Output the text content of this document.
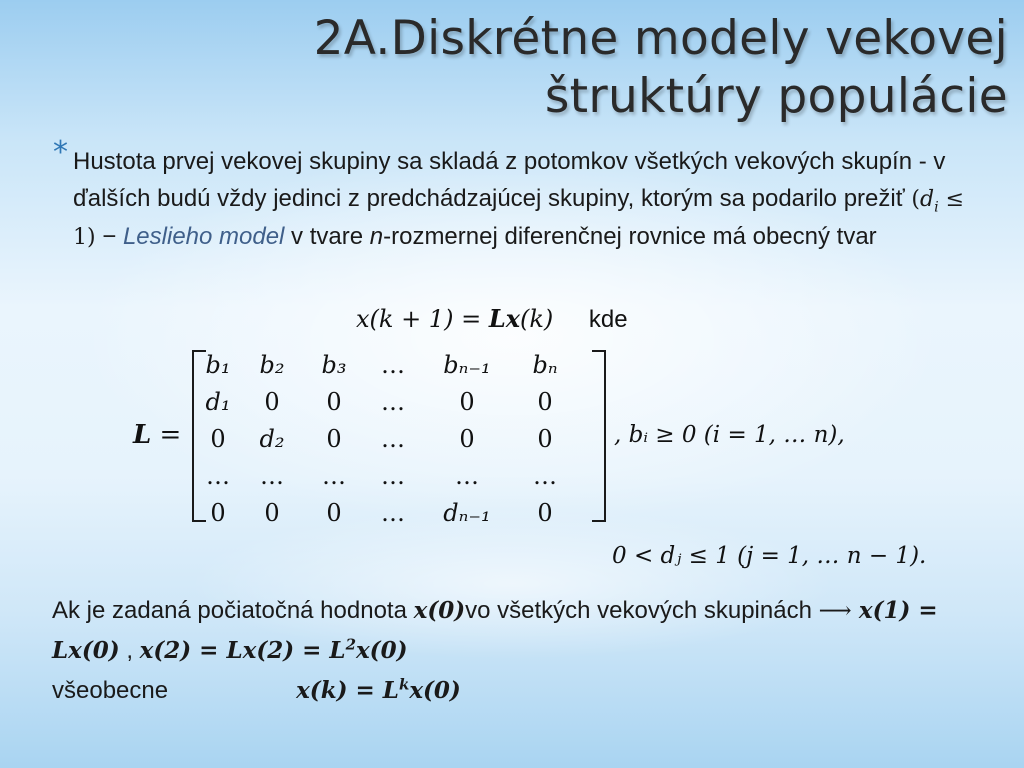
2A.Diskrétne modely vekovej
štruktúry populácie
* Hustota prvej vekovej skupiny sa skladá z potomkov všetkých vekových skupín - v ďalších budú vždy jedinci z predchádzajúcej skupiny, ktorým sa podarilo prežiť $(d_i \le 1)$ − Leslieho model v tvare n-rozmernej diferenčnej rovnice má obecný tvar
x(k + 1) = Lx(k) kde
L =
b₁	b₂	b₃	…	bₙ₋₁	bₙ
d₁	0	0	…	0	0
0	d₂	0	…	0	0
…	…	…	…	…	…
0	0	0	…	dₙ₋₁	0
, bᵢ ≥ 0 (i = 1, … n),
0 < dⱼ ≤ 1 (j = 1, … n − 1).
Ak je zadaná počiatočná hodnota x(0)vo všetkých vekových skupinách ⟶ x(1) = Lx(0) , $x(2) = Lx(2) = L^2x(0)$
všeobecne	$x(k) = L^kx(0)$
